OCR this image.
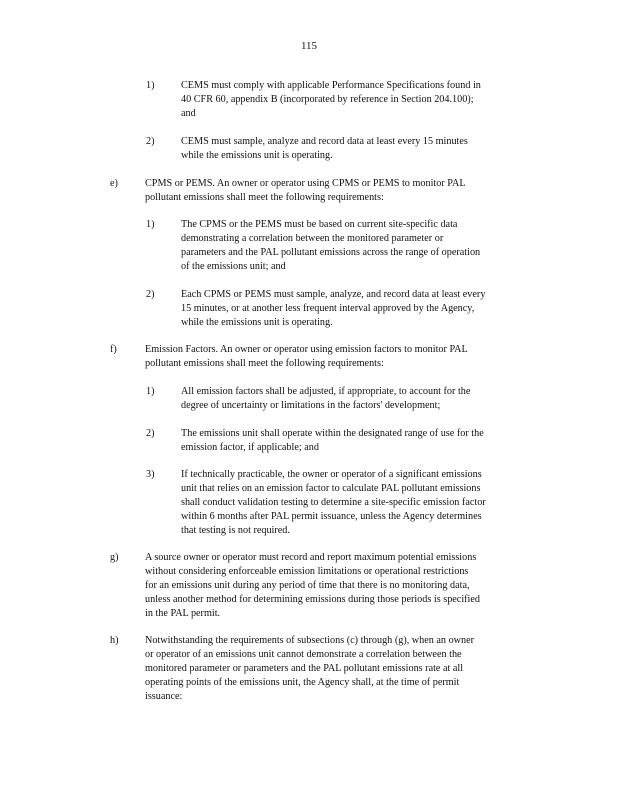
115
1)	CEMS must comply with applicable Performance Specifications found in
40 CFR 60, appendix B (incorporated by reference in Section 204.100);
and
2)	CEMS must sample, analyze and record data at least every 15 minutes
while the emissions unit is operating.
e)	CPMS or PEMS. An owner or operator using CPMS or PEMS to monitor PAL
pollutant emissions shall meet the following requirements:
1)	The CPMS or the PEMS must be based on current site-specific data
demonstrating a correlation between the monitored parameter or
parameters and the PAL pollutant emissions across the range of operation
of the emissions unit; and
2)	Each CPMS or PEMS must sample, analyze, and record data at least every
15 minutes, or at another less frequent interval approved by the Agency,
while the emissions unit is operating.
f)	Emission Factors. An owner or operator using emission factors to monitor PAL
pollutant emissions shall meet the following requirements:
1)	All emission factors shall be adjusted, if appropriate, to account for the
degree of uncertainty or limitations in the factors' development;
2)	The emissions unit shall operate within the designated range of use for the
emission factor, if applicable; and
3)	If technically practicable, the owner or operator of a significant emissions
unit that relies on an emission factor to calculate PAL pollutant emissions
shall conduct validation testing to determine a site-specific emission factor
within 6 months after PAL permit issuance, unless the Agency determines
that testing is not required.
g)	A source owner or operator must record and report maximum potential emissions
without considering enforceable emission limitations or operational restrictions
for an emissions unit during any period of time that there is no monitoring data,
unless another method for determining emissions during those periods is specified
in the PAL permit.
h)	Notwithstanding the requirements of subsections (c) through (g), when an owner
or operator of an emissions unit cannot demonstrate a correlation between the
monitored parameter or parameters and the PAL pollutant emissions rate at all
operating points of the emissions unit, the Agency shall, at the time of permit
issuance:
